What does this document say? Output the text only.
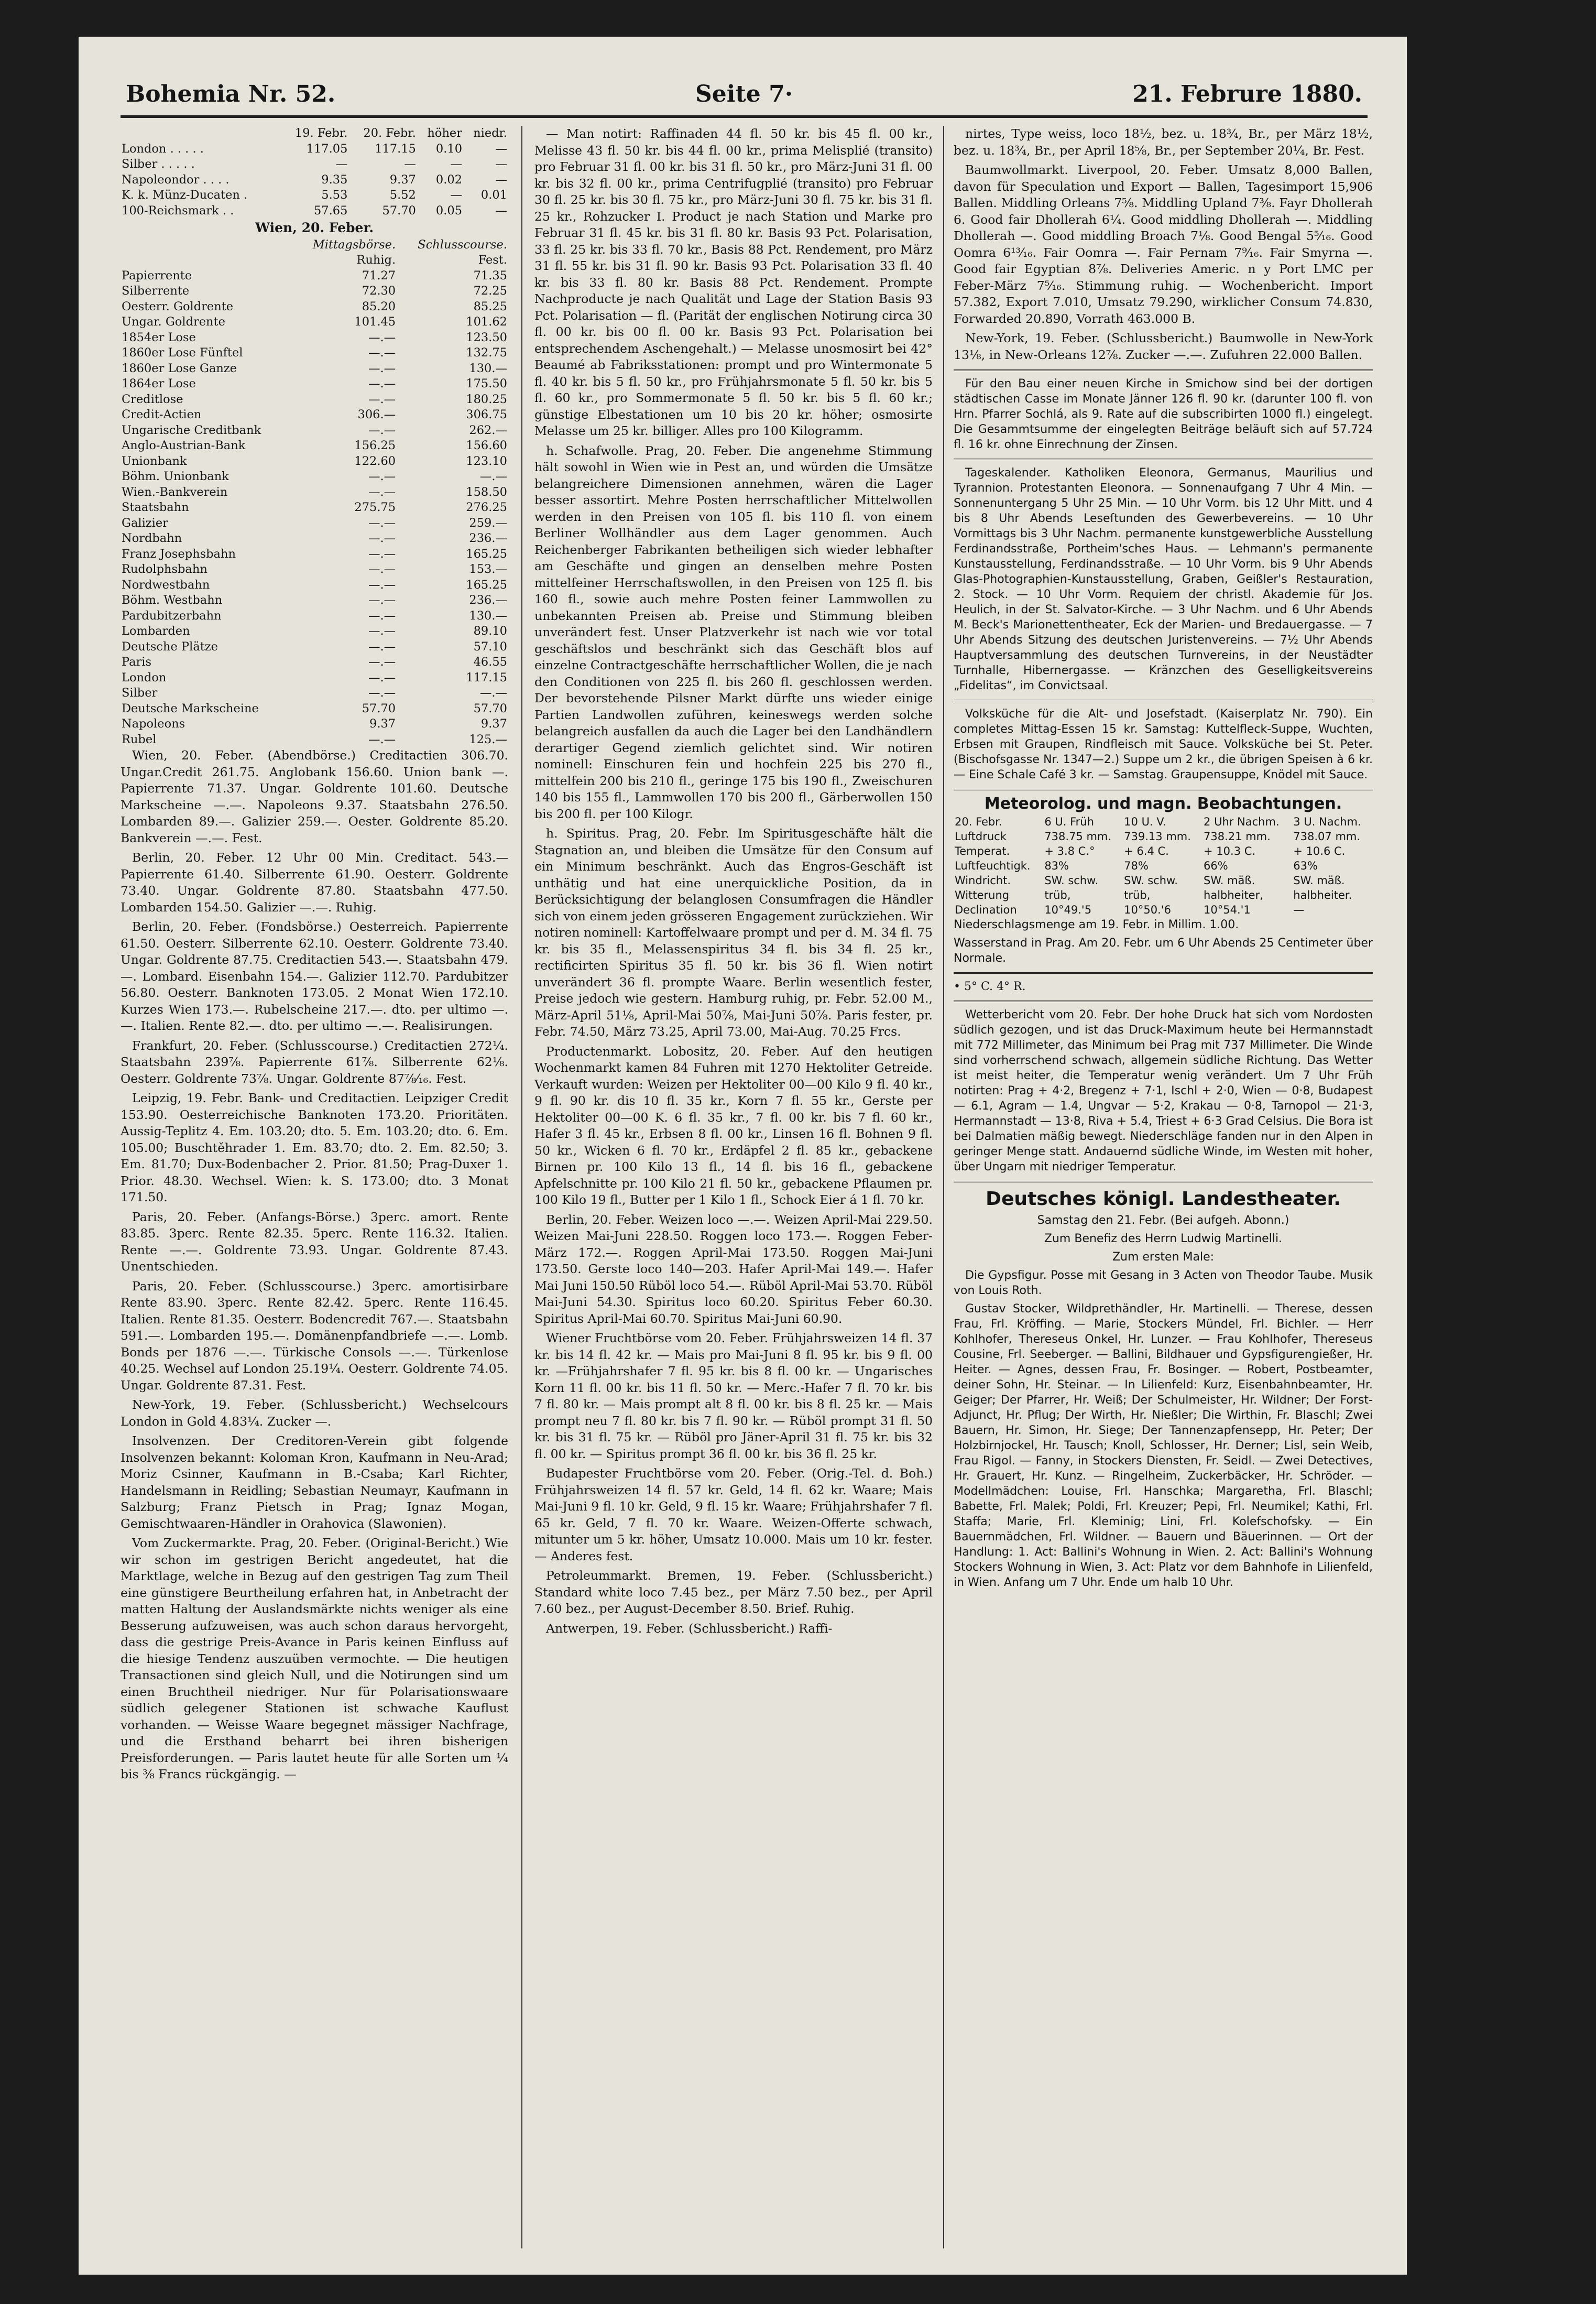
Bohemia Nr. 52.	Seite 7·	21. Februre 1880.
	19. Febr.	20. Febr.	höher	niedr.
London . . . . .	117.05	117.15	0.10	—
Silber . . . . .	—	—	—	—
Napoleondor . . . .	9.35	9.37	0.02	—
K. k. Münz-Ducaten .	5.53	5.52	—	0.01
100-Reichsmark . .	57.65	57.70	0.05	—
Wien, 20. Feber.
	Mittagsbörse.	Schlusscourse.
	Ruhig.	Fest.
Papierrente	71.27	71.35
Silberrente	72.30	72.25
Oesterr. Goldrente	85.20	85.25
Ungar. Goldrente	101.45	101.62
1854er Lose	—.—	123.50
1860er Lose Fünftel	—.—	132.75
1860er Lose Ganze	—.—	130.—
1864er Lose	—.—	175.50
Creditlose	—.—	180.25
Credit-Actien	306.—	306.75
Ungarische Creditbank	—.—	262.—
Anglo-Austrian-Bank	156.25	156.60
Unionbank	122.60	123.10
Böhm. Unionbank	—.—	—.—
Wien.-Bankverein	—.—	158.50
Staatsbahn	275.75	276.25
Galizier	—.—	259.—
Nordbahn	—.—	236.—
Franz Josephsbahn	—.—	165.25
Rudolphsbahn	—.—	153.—
Nordwestbahn	—.—	165.25
Böhm. Westbahn	—.—	236.—
Pardubitzerbahn	—.—	130.—
Lombarden	—.—	89.10
Deutsche Plätze	—.—	57.10
Paris	—.—	46.55
London	—.—	117.15
Silber	—.—	—.—
Deutsche Markscheine	57.70	57.70
Napoleons	9.37	9.37
Rubel	—.—	125.—

Wien, 20. Feber. (Abendbörse.) Creditactien 306.70. Ungar.Credit 261.75. Anglobank 156.60. Union bank —. Papierrente 71.37. Ungar. Goldrente 101.60. Deutsche Markscheine —.—. Napoleons 9.37. Staatsbahn 276.50. Lombarden 89.—. Galizier 259.—. Oester. Goldrente 85.20. Bankverein —.—. Fest.

Berlin, 20. Feber. 12 Uhr 00 Min. Creditact. 543.— Papierrente 61.40. Silberrente 61.90. Oesterr. Goldrente 73.40. Ungar. Goldrente 87.80. Staatsbahn 477.50. Lombarden 154.50. Galizier —.—. Ruhig.

Berlin, 20. Feber. (Fondsbörse.) Oesterreich. Papierrente 61.50. Oesterr. Silberrente 62.10. Oesterr. Goldrente 73.40. Ungar. Goldrente 87.75. Creditactien 543.—. Staatsbahn 479.—. Lombard. Eisenbahn 154.—. Galizier 112.70. Pardubitzer 56.80. Oesterr. Banknoten 173.05. 2 Monat Wien 172.10. Kurzes Wien 173.—. Rubelscheine 217.—. dto. per ultimo —.—. Italien. Rente 82.—. dto. per ultimo —.—. Realisirungen.

Frankfurt, 20. Feber. (Schlusscourse.) Creditactien 272¼. Staatsbahn 239⅞. Papierrente 61⅞. Silberrente 62⅛. Oesterr. Goldrente 73⅞. Ungar. Goldrente 87⅞⁄₁₆. Fest.

Leipzig, 19. Febr. Bank- und Creditactien. Leipziger Credit 153.90. Oesterreichische Banknoten 173.20. Prioritäten. Aussig-Teplitz 4. Em. 103.20; dto. 5. Em. 103.20; dto. 6. Em. 105.00; Buschtěhrader 1. Em. 83.70; dto. 2. Em. 82.50; 3. Em. 81.70; Dux-Bodenbacher 2. Prior. 81.50; Prag-Duxer 1. Prior. 48.30. Wechsel. Wien: k. S. 173.00; dto. 3 Monat 171.50.

Paris, 20. Feber. (Anfangs-Börse.) 3perc. amort. Rente 83.85. 3perc. Rente 82.35. 5perc. Rente 116.32. Italien. Rente —.—. Goldrente 73.93. Ungar. Goldrente 87.43. Unentschieden.

Paris, 20. Feber. (Schlusscourse.) 3perc. amortisirbare Rente 83.90. 3perc. Rente 82.42. 5perc. Rente 116.45. Italien. Rente 81.35. Oesterr. Bodencredit 767.—. Staatsbahn 591.—. Lombarden 195.—. Domänenpfandbriefe —.—. Lomb. Bonds per 1876 —.—. Türkische Consols —.—. Türkenlose 40.25. Wechsel auf London 25.19¼. Oesterr. Goldrente 74.05. Ungar. Goldrente 87.31. Fest.

New-York, 19. Feber. (Schlussbericht.) Wechselcours London in Gold 4.83¼. Zucker —.

Insolvenzen. Der Creditoren-Verein gibt folgende Insolvenzen bekannt: Koloman Kron, Kaufmann in Neu-Arad; Moriz Csinner, Kaufmann in B.-Csaba; Karl Richter, Handelsmann in Reidling; Sebastian Neumayr, Kaufmann in Salzburg; Franz Pietsch in Prag; Ignaz Mogan, Gemischtwaaren-Händler in Orahovica (Slawonien).

Vom Zuckermarkte. Prag, 20. Feber. (Original-Bericht.) Wie wir schon im gestrigen Bericht angedeutet, hat die Marktlage, welche in Bezug auf den gestrigen Tag zum Theil eine günstigere Beurtheilung erfahren hat, in Anbetracht der matten Haltung der Auslandsmärkte nichts weniger als eine Besserung aufzuweisen, was auch schon daraus hervorgeht, dass die gestrige Preis-Avance in Paris keinen Einfluss auf die hiesige Tendenz auszuüben vermochte. — Die heutigen Transactionen sind gleich Null, und die Notirungen sind um einen Bruchtheil niedriger. Nur für Polarisationswaare südlich gelegener Stationen ist schwache Kauflust vorhanden. — Weisse Waare begegnet mässiger Nachfrage, und die Ersthand beharrt bei ihren bisherigen Preisforderungen. — Paris lautet heute für alle Sorten um ¼ bis ⅜ Francs rückgängig. —

— Man notirt: Raffinaden 44 fl. 50 kr. bis 45 fl. 00 kr., Melisse 43 fl. 50 kr. bis 44 fl. 00 kr., prima Melisplié (transito) pro Februar 31 fl. 00 kr. bis 31 fl. 50 kr., pro März-Juni 31 fl. 00 kr. bis 32 fl. 00 kr., prima Centrifugplié (transito) pro Februar 30 fl. 25 kr. bis 30 fl. 75 kr., pro März-Juni 30 fl. 75 kr. bis 31 fl. 25 kr., Rohzucker I. Product je nach Station und Marke pro Februar 31 fl. 45 kr. bis 31 fl. 80 kr. Basis 93 Pct. Polarisation, 33 fl. 25 kr. bis 33 fl. 70 kr., Basis 88 Pct. Rendement, pro März 31 fl. 55 kr. bis 31 fl. 90 kr. Basis 93 Pct. Polarisation 33 fl. 40 kr. bis 33 fl. 80 kr. Basis 88 Pct. Rendement. Prompte Nachproducte je nach Qualität und Lage der Station Basis 93 Pct. Polarisation — fl. (Parität der englischen Notirung circa 30 fl. 00 kr. bis 00 fl. 00 kr. Basis 93 Pct. Polarisation bei entsprechendem Aschengehalt.) — Melasse unosmosirt bei 42° Beaumé ab Fabriksstationen: prompt und pro Wintermonate 5 fl. 40 kr. bis 5 fl. 50 kr., pro Frühjahrsmonate 5 fl. 50 kr. bis 5 fl. 60 kr., pro Sommermonate 5 fl. 50 kr. bis 5 fl. 60 kr.; günstige Elbestationen um 10 bis 20 kr. höher; osmosirte Melasse um 25 kr. billiger. Alles pro 100 Kilogramm.

h. Schafwolle. Prag, 20. Feber. Die angenehme Stimmung hält sowohl in Wien wie in Pest an, und würden die Umsätze belangreichere Dimensionen annehmen, wären die Lager besser assortirt. Mehre Posten herrschaftlicher Mittelwollen werden in den Preisen von 105 fl. bis 110 fl. von einem Berliner Wollhändler aus dem Lager genommen. Auch Reichenberger Fabrikanten betheiligen sich wieder lebhafter am Geschäfte und gingen an denselben mehre Posten mittelfeiner Herrschaftswollen, in den Preisen von 125 fl. bis 160 fl., sowie auch mehre Posten feiner Lammwollen zu unbekannten Preisen ab. Preise und Stimmung bleiben unverändert fest. Unser Platzverkehr ist nach wie vor total geschäftslos und beschränkt sich das Geschäft blos auf einzelne Contractgeschäfte herrschaftlicher Wollen, die je nach den Conditionen von 225 fl. bis 260 fl. geschlossen werden. Der bevorstehende Pilsner Markt dürfte uns wieder einige Partien Landwollen zuführen, keineswegs werden solche belangreich ausfallen da auch die Lager bei den Landhändlern derartiger Gegend ziemlich gelichtet sind. Wir notiren nominell: Einschuren fein und hochfein 225 bis 270 fl., mittelfein 200 bis 210 fl., geringe 175 bis 190 fl., Zweischuren 140 bis 155 fl., Lammwollen 170 bis 200 fl., Gärberwollen 150 bis 200 fl. per 100 Kilogr.

h. Spiritus. Prag, 20. Febr. Im Spiritusgeschäfte hält die Stagnation an, und bleiben die Umsätze für den Consum auf ein Minimum beschränkt. Auch das Engros-Geschäft ist unthätig und hat eine unerquickliche Position, da in Berücksichtigung der belanglosen Consumfragen die Händler sich von einem jeden grösseren Engagement zurückziehen. Wir notiren nominell: Kartoffelwaare prompt und per d. M. 34 fl. 75 kr. bis 35 fl., Melassenspiritus 34 fl. bis 34 fl. 25 kr., rectificirten Spiritus 35 fl. 50 kr. bis 36 fl. Wien notirt unverändert 36 fl. prompte Waare. Berlin wesentlich fester, Preise jedoch wie gestern. Hamburg ruhig, pr. Febr. 52.00 M., März-April 51⅛, April-Mai 50⅞, Mai-Juni 50⅞. Paris fester, pr. Febr. 74.50, März 73.25, April 73.00, Mai-Aug. 70.25 Frcs.

Productenmarkt. Lobositz, 20. Feber. Auf den heutigen Wochenmarkt kamen 84 Fuhren mit 1270 Hektoliter Getreide. Verkauft wurden: Weizen per Hektoliter 00—00 Kilo 9 fl. 40 kr., 9 fl. 90 kr. dis 10 fl. 35 kr., Korn 7 fl. 55 kr., Gerste per Hektoliter 00—00 K. 6 fl. 35 kr., 7 fl. 00 kr. bis 7 fl. 60 kr., Hafer 3 fl. 45 kr., Erbsen 8 fl. 00 kr., Linsen 16 fl. Bohnen 9 fl. 50 kr., Wicken 6 fl. 70 kr., Erdäpfel 2 fl. 85 kr., gebackene Birnen pr. 100 Kilo 13 fl., 14 fl. bis 16 fl., gebackene Apfelschnitte pr. 100 Kilo 21 fl. 50 kr., gebackene Pflaumen pr. 100 Kilo 19 fl., Butter per 1 Kilo 1 fl., Schock Eier á 1 fl. 70 kr.

Berlin, 20. Feber. Weizen loco —.—. Weizen April-Mai 229.50. Weizen Mai-Juni 228.50. Roggen loco 173.—. Roggen Feber-März 172.—. Roggen April-Mai 173.50. Roggen Mai-Juni 173.50. Gerste loco 140—203. Hafer April-Mai 149.—. Hafer Mai Juni 150.50 Rüböl loco 54.—. Rüböl April-Mai 53.70. Rüböl Mai-Juni 54.30. Spiritus loco 60.20. Spiritus Feber 60.30. Spiritus April-Mai 60.70. Spiritus Mai-Juni 60.90.

Wiener Fruchtbörse vom 20. Feber. Frühjahrsweizen 14 fl. 37 kr. bis 14 fl. 42 kr. — Mais pro Mai-Juni 8 fl. 95 kr. bis 9 fl. 00 kr. —Frühjahrshafer 7 fl. 95 kr. bis 8 fl. 00 kr. — Ungarisches Korn 11 fl. 00 kr. bis 11 fl. 50 kr. — Merc.-Hafer 7 fl. 70 kr. bis 7 fl. 80 kr. — Mais prompt alt 8 fl. 00 kr. bis 8 fl. 25 kr. — Mais prompt neu 7 fl. 80 kr. bis 7 fl. 90 kr. — Rüböl prompt 31 fl. 50 kr. bis 31 fl. 75 kr. — Rüböl pro Jäner-April 31 fl. 75 kr. bis 32 fl. 00 kr. — Spiritus prompt 36 fl. 00 kr. bis 36 fl. 25 kr.

Budapester Fruchtbörse vom 20. Feber. (Orig.-Tel. d. Boh.) Frühjahrsweizen 14 fl. 57 kr. Geld, 14 fl. 62 kr. Waare; Mais Mai-Juni 9 fl. 10 kr. Geld, 9 fl. 15 kr. Waare; Frühjahrshafer 7 fl. 65 kr. Geld, 7 fl. 70 kr. Waare. Weizen-Offerte schwach, mitunter um 5 kr. höher, Umsatz 10.000. Mais um 10 kr. fester. — Anderes fest.

Petroleummarkt. Bremen, 19. Feber. (Schlussbericht.) Standard white loco 7.45 bez., per März 7.50 bez., per April 7.60 bez., per August-December 8.50. Brief. Ruhig.

Antwerpen, 19. Feber. (Schlussbericht.) Raffi-

nirtes, Type weiss, loco 18½, bez. u. 18¾, Br., per März 18½, bez. u. 18¾, Br., per April 18⅝, Br., per September 20¼, Br. Fest.

Baumwollmarkt. Liverpool, 20. Feber. Umsatz 8,000 Ballen, davon für Speculation und Export — Ballen, Tagesimport 15,906 Ballen. Middling Orleans 7⅝. Middling Upland 7⅜. Fayr Dhollerah 6. Good fair Dhollerah 6¼. Good middling Dhollerah —. Middling Dhollerah —. Good middling Broach 7⅛. Good Bengal 5⁵⁄₁₆. Good Oomra 6¹³⁄₁₆. Fair Oomra —. Fair Pernam 7⁹⁄₁₆. Fair Smyrna —. Good fair Egyptian 8⅞. Deliveries Americ. n y Port LMC per Feber-März 7⁵⁄₁₆. Stimmung ruhig. — Wochenbericht. Import 57.382, Export 7.010, Umsatz 79.290, wirklicher Consum 74.830, Forwarded 20.890, Vorrath 463.000 B.

New-York, 19. Feber. (Schlussbericht.) Baumwolle in New-York 13⅛, in New-Orleans 12⅞. Zucker —.—. Zufuhren 22.000 Ballen.

Für den Bau einer neuen Kirche in Smichow sind bei der dortigen städtischen Casse im Monate Jänner 126 fl. 90 kr. (darunter 100 fl. von Hrn. Pfarrer Sochlá, als 9. Rate auf die subscribirten 1000 fl.) eingelegt. Die Gesammtsumme der eingelegten Beiträge beläuft sich auf 57.724 fl. 16 kr. ohne Einrechnung der Zinsen.

Tageskalender. Katholiken Eleonora, Germanus, Maurilius und Tyrannion. Protestanten Eleonora. — Sonnenaufgang 7 Uhr 4 Min. — Sonnenuntergang 5 Uhr 25 Min. — 10 Uhr Vorm. bis 12 Uhr Mitt. und 4 bis 8 Uhr Abends Leseſtunden des Gewerbevereins. — 10 Uhr Vormittags bis 3 Uhr Nachm. permanente kunstgewerbliche Ausstellung Ferdinandsstraße, Portheim'sches Haus. — Lehmann's permanente Kunstausstellung, Ferdinandsstraße. — 10 Uhr Vorm. bis 9 Uhr Abends Glas-Photographien-Kunstausstellung, Graben, Geißler's Restauration, 2. Stock. — 10 Uhr Vorm. Requiem der christl. Akademie für Jos. Heulich, in der St. Salvator-Kirche. — 3 Uhr Nachm. und 6 Uhr Abends M. Beck's Marionettentheater, Eck der Marien- und Bredauergasse. — 7 Uhr Abends Sitzung des deutschen Juristenvereins. — 7½ Uhr Abends Hauptversammlung des deutschen Turnvereins, in der Neustädter Turnhalle, Hibernergasse. — Kränzchen des Geselligkeitsvereins „Fidelitas“, im Convictsaal.

Volksküche für die Alt- und Josefstadt. (Kaiserplatz Nr. 790). Ein completes Mittag-Essen 15 kr. Samstag: Kuttelfleck-Suppe, Wuchten, Erbsen mit Graupen, Rindfleisch mit Sauce. Volksküche bei St. Peter. (Bischofsgasse Nr. 1347—2.) Suppe um 2 kr., die übrigen Speisen à 6 kr. — Eine Schale Café 3 kr. — Samstag. Graupensuppe, Knödel mit Sauce.

Meteorolog. und magn. Beobachtungen.
20. Febr.	6 U. Früh	10 U. V.	2 Uhr Nachm.	3 U. Nachm.
Luftdruck	738.75 mm.	739.13 mm.	738.21 mm.	738.07 mm.
Temperat.	+ 3.8 C.°	+ 6.4 C.	+ 10.3 C.	+ 10.6 C.
Luftfeuchtigk.	83%	78%	66%	63%
Windricht.	SW. schw.	SW. schw.	SW. mäß.	SW. mäß.
Witterung	trüb,	trüb,	halbheiter,	halbheiter.
Declination	10°49.'5	10°50.'6	10°54.'1	—

Niederschlagsmenge am 19. Febr. in Millim. 1.00.

Wasserstand in Prag. Am 20. Febr. um 6 Uhr Abends 25 Centimeter über Normale.

• 5° C. 4° R.

Wetterbericht vom 20. Febr. Der hohe Druck hat sich vom Nordosten südlich gezogen, und ist das Druck-Maximum heute bei Hermannstadt mit 772 Millimeter, das Minimum bei Prag mit 737 Millimeter. Die Winde sind vorherrschend schwach, allgemein südliche Richtung. Das Wetter ist meist heiter, die Temperatur wenig verändert. Um 7 Uhr Früh notirten: Prag + 4·2, Bregenz + 7·1, Ischl + 2·0, Wien — 0·8, Budapest — 6.1, Agram — 1.4, Ungvar — 5·2, Krakau — 0·8, Tarnopol — 21·3, Hermannstadt — 13·8, Riva + 5.4, Triest + 6·3 Grad Celsius. Die Bora ist bei Dalmatien mäßig bewegt. Niederschläge fanden nur in den Alpen in geringer Menge statt. Andauernd südliche Winde, im Westen mit hoher, über Ungarn mit niedriger Temperatur.

Deutsches königl. Landestheater.

Samstag den 21. Febr. (Bei aufgeh. Abonn.)

Zum Benefiz des Herrn Ludwig Martinelli.

Zum ersten Male:

Die Gypsfigur. Posse mit Gesang in 3 Acten von Theodor Taube. Musik von Louis Roth.

Gustav Stocker, Wildprethändler, Hr. Martinelli. — Therese, dessen Frau, Frl. Kröffing. — Marie, Stockers Mündel, Frl. Bichler. — Herr Kohlhofer, Thereseus Onkel, Hr. Lunzer. — Frau Kohlhofer, Thereseus Cousine, Frl. Seeberger. — Ballini, Bildhauer und Gypsfigurengießer, Hr. Heiter. — Agnes, dessen Frau, Fr. Bosinger. — Robert, Postbeamter, deiner Sohn, Hr. Steinar. — In Lilienfeld: Kurz, Eisenbahnbeamter, Hr. Geiger; Der Pfarrer, Hr. Weiß; Der Schulmeister, Hr. Wildner; Der Forst-Adjunct, Hr. Pflug; Der Wirth, Hr. Nießler; Die Wirthin, Fr. Blaschl; Zwei Bauern, Hr. Simon, Hr. Siege; Der Tannenzapfensepp, Hr. Peter; Der Holzbirnjockel, Hr. Tausch; Knoll, Schlosser, Hr. Derner; Lisl, sein Weib, Frau Rigol. — Fanny, in Stockers Diensten, Fr. Seidl. — Zwei Detectives, Hr. Grauert, Hr. Kunz. — Ringelheim, Zuckerbäcker, Hr. Schröder. — Modellmädchen: Louise, Frl. Hanschka; Margaretha, Frl. Blaschl; Babette, Frl. Malek; Poldi, Frl. Kreuzer; Pepi, Frl. Neumikel; Kathi, Frl. Staffa; Marie, Frl. Kleminig; Lini, Frl. Kolefschofsky. — Ein Bauernmädchen, Frl. Wildner. — Bauern und Bäuerinnen. — Ort der Handlung: 1. Act: Ballini's Wohnung in Wien. 2. Act: Ballini's Wohnung Stockers Wohnung in Wien, 3. Act: Platz vor dem Bahnhofe in Lilienfeld, in Wien. Anfang um 7 Uhr. Ende um halb 10 Uhr.
